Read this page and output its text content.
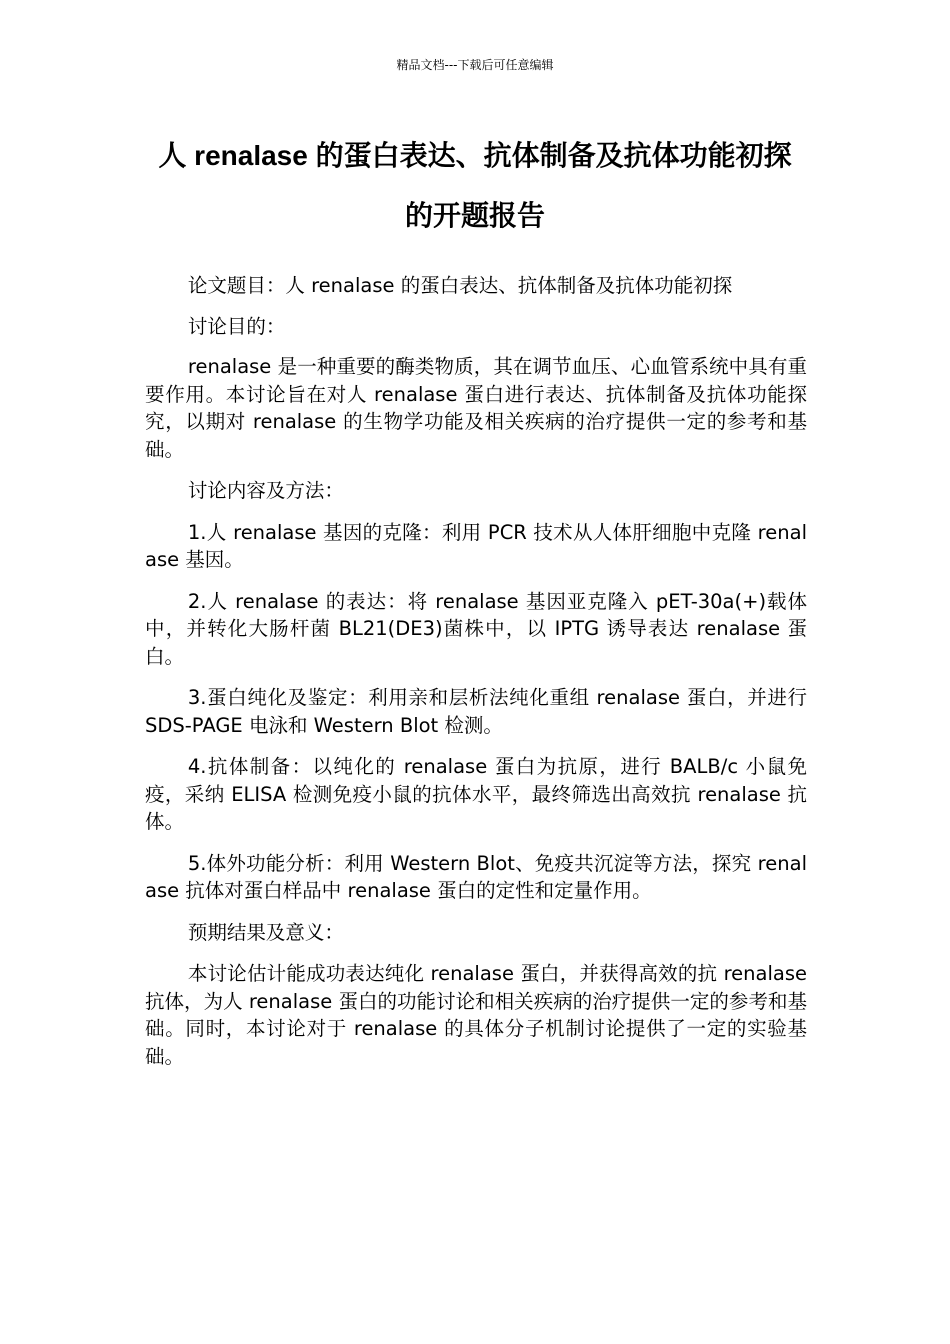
精品文档---下载后可任意编辑
人 renalase 的蛋白表达、抗体制备及抗体功能初探
的开题报告

论文题目：人 renalase 的蛋白表达、抗体制备及抗体功能初探

讨论目的：

renalase 是一种重要的酶类物质，其在调节血压、心血管系统中具有重要作用。本讨论旨在对人 renalase 蛋白进行表达、抗体制备及抗体功能探究，以期对 renalase 的生物学功能及相关疾病的治疗提供一定的参考和基础。

讨论内容及方法：

1.人 renalase 基因的克隆：利用 PCR 技术从人体肝细胞中克隆 renalase 基因。

2.人 renalase 的表达：将 renalase 基因亚克隆入 pET-30a(+)载体中，并转化大肠杆菌 BL21(DE3)菌株中，以 IPTG 诱导表达 renalase 蛋白。

3.蛋白纯化及鉴定：利用亲和层析法纯化重组 renalase 蛋白，并进行 SDS-PAGE 电泳和 Western Blot 检测。

4.抗体制备：以纯化的 renalase 蛋白为抗原，进行 BALB/c 小鼠免疫，采纳 ELISA 检测免疫小鼠的抗体水平，最终筛选出高效抗 renalase 抗体。

5.体外功能分析：利用 Western Blot、免疫共沉淀等方法，探究 renalase 抗体对蛋白样品中 renalase 蛋白的定性和定量作用。

预期结果及意义：

本讨论估计能成功表达纯化 renalase 蛋白，并获得高效的抗 renalase 抗体，为人 renalase 蛋白的功能讨论和相关疾病的治疗提供一定的参考和基础。同时，本讨论对于 renalase 的具体分子机制讨论提供了一定的实验基础。
